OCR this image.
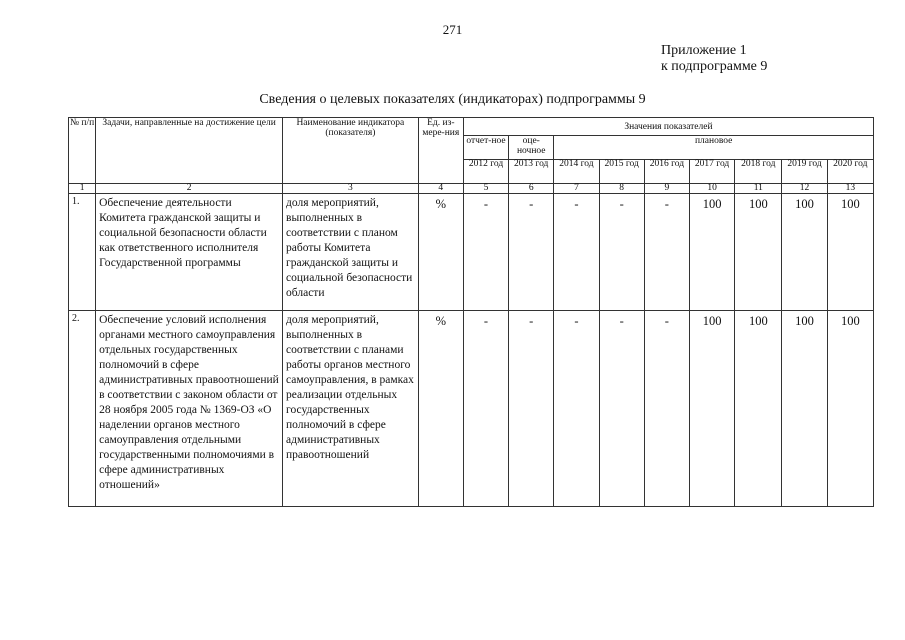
271
Приложение 1
к подпрограмме 9
Сведения о целевых показателях (индикаторах) подпрограммы 9
№ п/п	Задачи, направленные на достижение цели	Наименование индикатора (показателя)	Ед. из-мере-ния	Значения показателей								
				отчет-ное	оце-ночное	плановое						
				2012 год	2013 год	2014 год	2015 год	2016 год	2017 год	2018 год	2019 год	2020 год
1	2	3	4	5	6	7	8	9	10	11	12	13
1.	Обеспечение деятельности Комитета гражданской защиты и социальной безопасности области как ответственного исполнителя Государственной программы	доля мероприятий, выполненных в соответствии с планом работы Комитета гражданской защиты и социальной безопасности области	%	-	-	-	-	-	100	100	100	100
2.	Обеспечение условий исполнения органами местного самоуправления отдельных государственных полномочий в сфере административных правоотношений в соответствии с законом области от 28 ноября 2005 года № 1369-ОЗ «О наделении органов местного самоуправления отдельными государственными полномочиями в сфере административных отношений»	доля мероприятий, выполненных в соответствии с планами работы органов местного самоуправления, в рамках реализации отдельных государственных полномочий в сфере административных правоотношений	%	-	-	-	-	-	100	100	100	100
